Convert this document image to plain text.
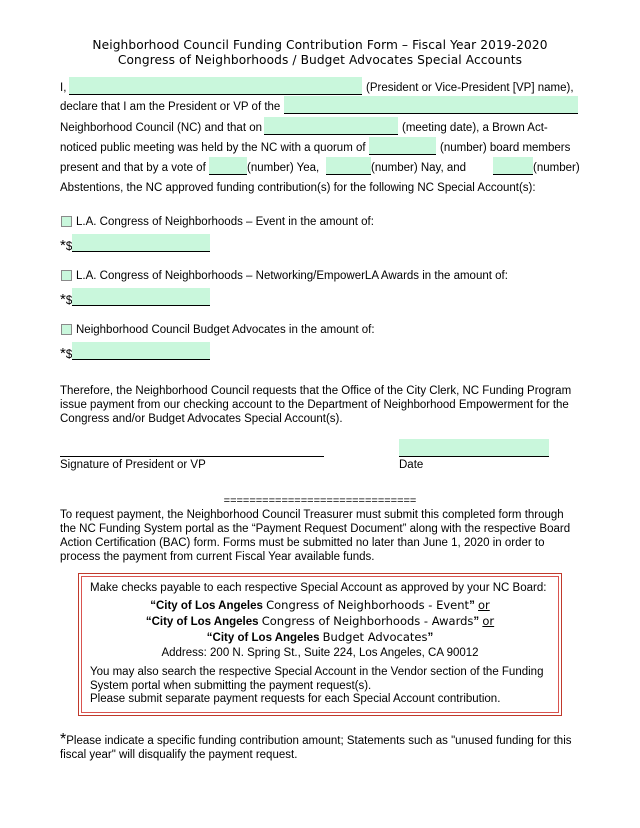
Neighborhood Council Funding Contribution Form – Fiscal Year 2019-2020
Congress of Neighborhoods / Budget Advocates Special Accounts
I,	(President or Vice-President [VP] name),
declare that I am the President or VP of the
Neighborhood Council (NC) and that on	(meeting date), a Brown Act-
noticed public meeting was held by the NC with a quorum of	(number) board members
present and that by a vote of	(number) Yea,	(number) Nay, and	(number)
Abstentions, the NC approved funding contribution(s) for the following NC Special Account(s):
L.A. Congress of Neighborhoods – Event in the amount of:
*$
L.A. Congress of Neighborhoods – Networking/EmpowerLA Awards in the amount of:
*$
Neighborhood Council Budget Advocates in the amount of:
*$
Therefore, the Neighborhood Council requests that the Office of the City Clerk, NC Funding Program issue payment from our checking account to the Department of Neighborhood Empowerment for the Congress and/or Budget Advocates Special Account(s).
Signature of President or VP	Date
==============================
To request payment, the Neighborhood Council Treasurer must submit this completed form through the NC Funding System portal as the “Payment Request Document” along with the respective Board Action Certification (BAC) form. Forms must be submitted no later than June 1, 2020 in order to process the payment from current Fiscal Year available funds.
Make checks payable to each respective Special Account as approved by your NC Board:
“City of Los Angeles Congress of Neighborhoods - Event” or
“City of Los Angeles Congress of Neighborhoods - Awards” or
“City of Los Angeles Budget Advocates”
Address: 200 N. Spring St., Suite 224, Los Angeles, CA 90012
You may also search the respective Special Account in the Vendor section of the Funding System portal when submitting the payment request(s).
Please submit separate payment requests for each Special Account contribution.
*Please indicate a specific funding contribution amount; Statements such as "unused funding for this fiscal year" will disqualify the payment request.
